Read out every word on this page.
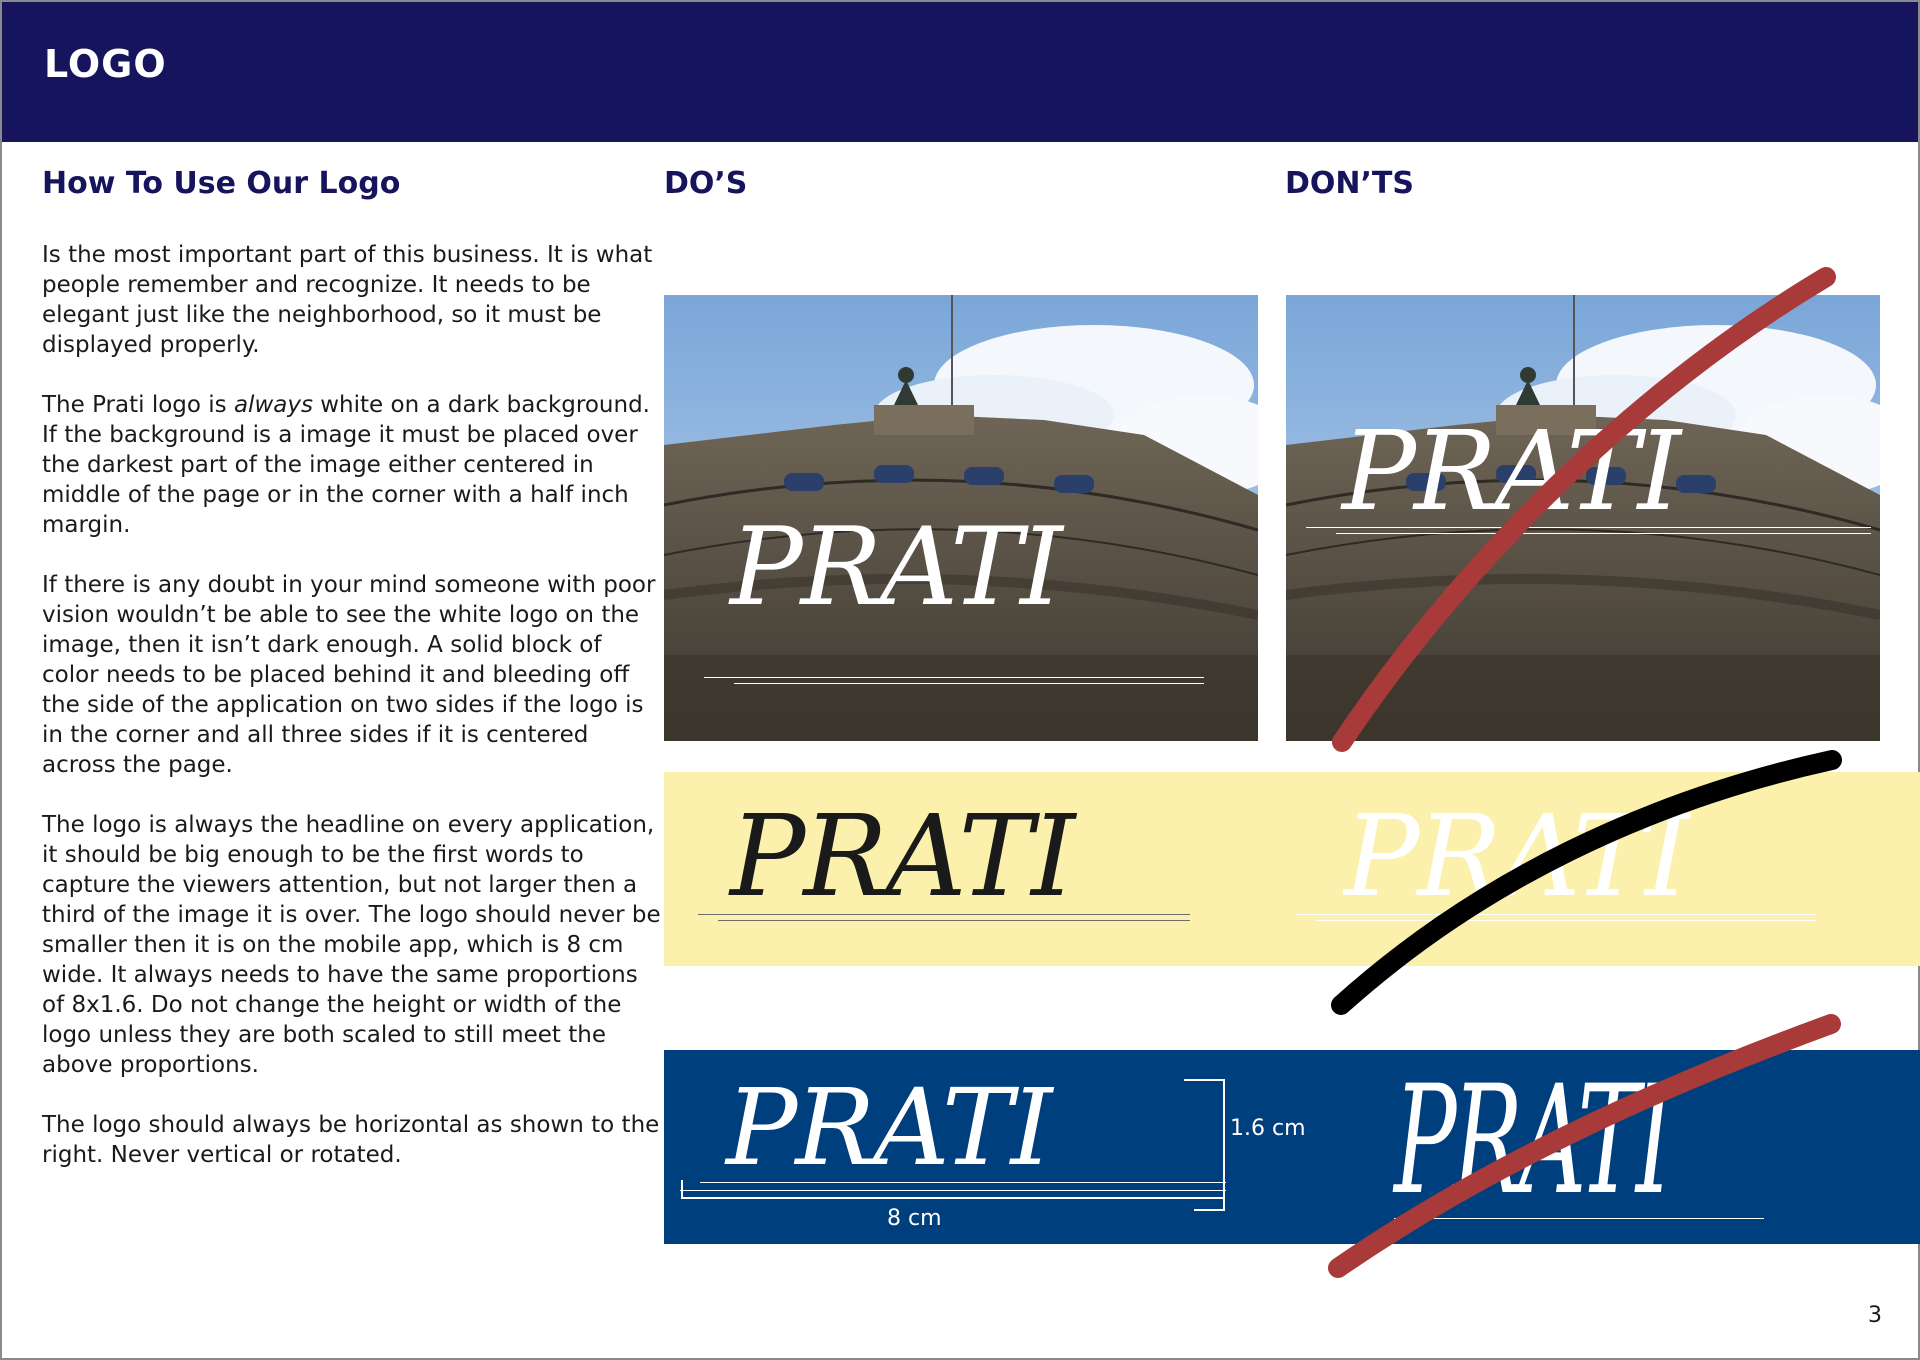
LOGO
How To Use Our Logo	DO’S	DON’TS

Is the most important part of this business. It is what people remember and recognize. It needs to be elegant just like the neighborhood, so it must be displayed properly.

The Prati logo is always white on a dark background. If the background is a image it must be placed over the darkest part of the image either centered in middle of the page or in the corner with a half inch margin.

If there is any doubt in your mind someone with poor vision wouldn’t be able to see the white logo on the image, then it isn’t dark enough. A solid block of color needs to be placed behind it and bleeding off the side of the application on two sides if the logo is in the corner and all three sides if it is centered across the page.

The logo is always the headline on every application, it should be big enough to be the first words to capture the viewers attention, but not larger then a third of the image it is over. The logo should never be smaller then it is on the mobile app, which is 8 cm wide. It always needs to have the same proportions of 8x1.6. Do not change the height or width of the logo unless they are both scaled to still meet the above proportions.

The logo should always be horizontal as shown to the right. Never vertical or rotated.

PRATI
PRATI
PRATI PRATI
PRATI	1.6 cm
8 cm	PRATI
3
